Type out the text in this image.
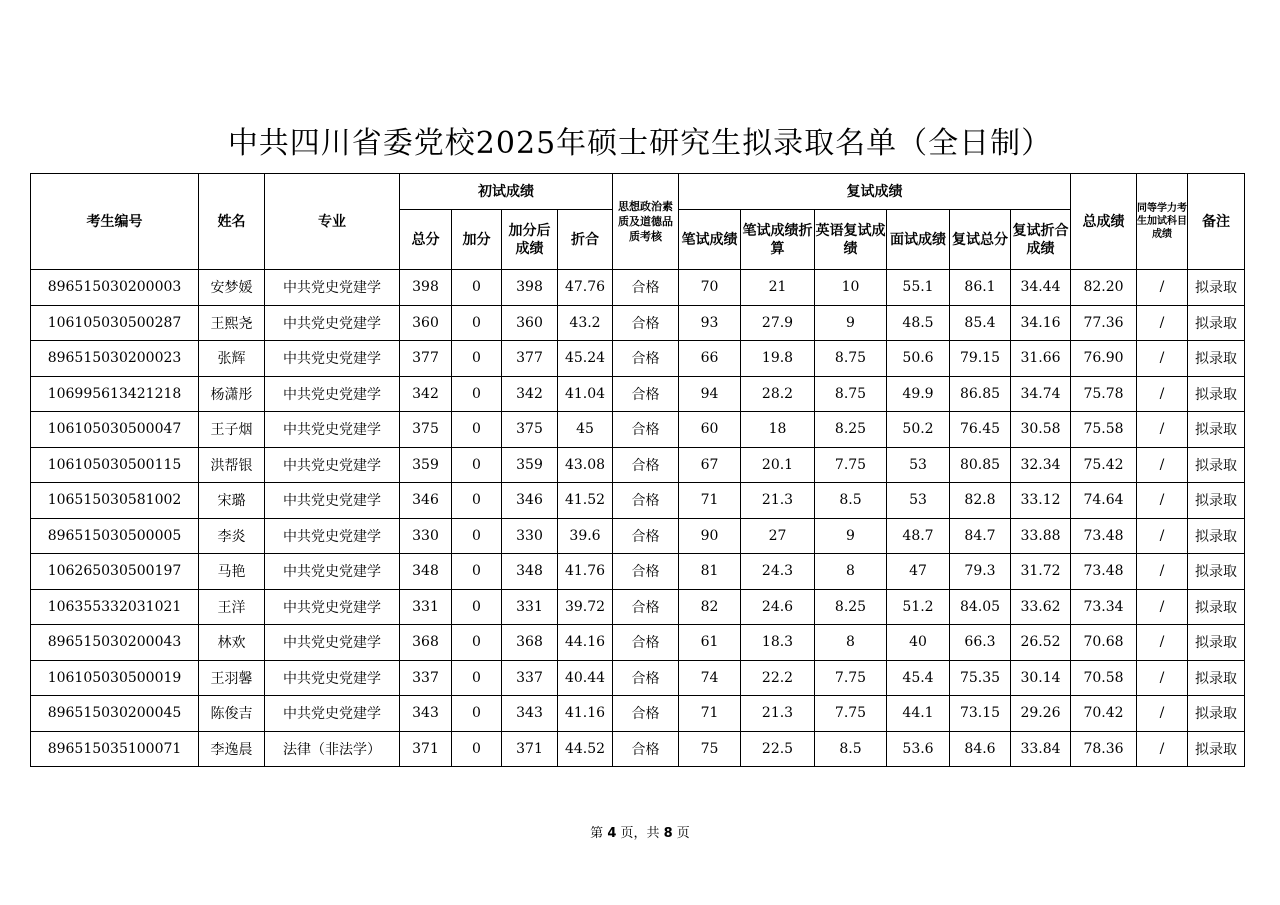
中共四川省委党校2025年硕士研究生拟录取名单（全日制）
考生编号	姓名	专业	初试成绩				思想政治素质及道德品质考核	复试成绩						总成绩	同等学力考生加试科目成绩	备注
			总分	加分	加分后成绩	折合		笔试成绩	笔试成绩折算	英语复试成绩	面试成绩	复试总分	复试折合成绩			
896515030200003	安梦媛	中共党史党建学	398	0	398	47.76	合格	70	21	10	55.1	86.1	34.44	82.20	/	拟录取
106105030500287	王熙尧	中共党史党建学	360	0	360	43.2	合格	93	27.9	9	48.5	85.4	34.16	77.36	/	拟录取
896515030200023	张辉	中共党史党建学	377	0	377	45.24	合格	66	19.8	8.75	50.6	79.15	31.66	76.90	/	拟录取
106995613421218	杨潇彤	中共党史党建学	342	0	342	41.04	合格	94	28.2	8.75	49.9	86.85	34.74	75.78	/	拟录取
106105030500047	王子烟	中共党史党建学	375	0	375	45	合格	60	18	8.25	50.2	76.45	30.58	75.58	/	拟录取
106105030500115	洪帮银	中共党史党建学	359	0	359	43.08	合格	67	20.1	7.75	53	80.85	32.34	75.42	/	拟录取
106515030581002	宋璐	中共党史党建学	346	0	346	41.52	合格	71	21.3	8.5	53	82.8	33.12	74.64	/	拟录取
896515030500005	李炎	中共党史党建学	330	0	330	39.6	合格	90	27	9	48.7	84.7	33.88	73.48	/	拟录取
106265030500197	马艳	中共党史党建学	348	0	348	41.76	合格	81	24.3	8	47	79.3	31.72	73.48	/	拟录取
106355332031021	王洋	中共党史党建学	331	0	331	39.72	合格	82	24.6	8.25	51.2	84.05	33.62	73.34	/	拟录取
896515030200043	林欢	中共党史党建学	368	0	368	44.16	合格	61	18.3	8	40	66.3	26.52	70.68	/	拟录取
106105030500019	王羽馨	中共党史党建学	337	0	337	40.44	合格	74	22.2	7.75	45.4	75.35	30.14	70.58	/	拟录取
896515030200045	陈俊吉	中共党史党建学	343	0	343	41.16	合格	71	21.3	7.75	44.1	73.15	29.26	70.42	/	拟录取
896515035100071	李逸晨	法律（非法学）	371	0	371	44.52	合格	75	22.5	8.5	53.6	84.6	33.84	78.36	/	拟录取
第 4 页，共 8 页
